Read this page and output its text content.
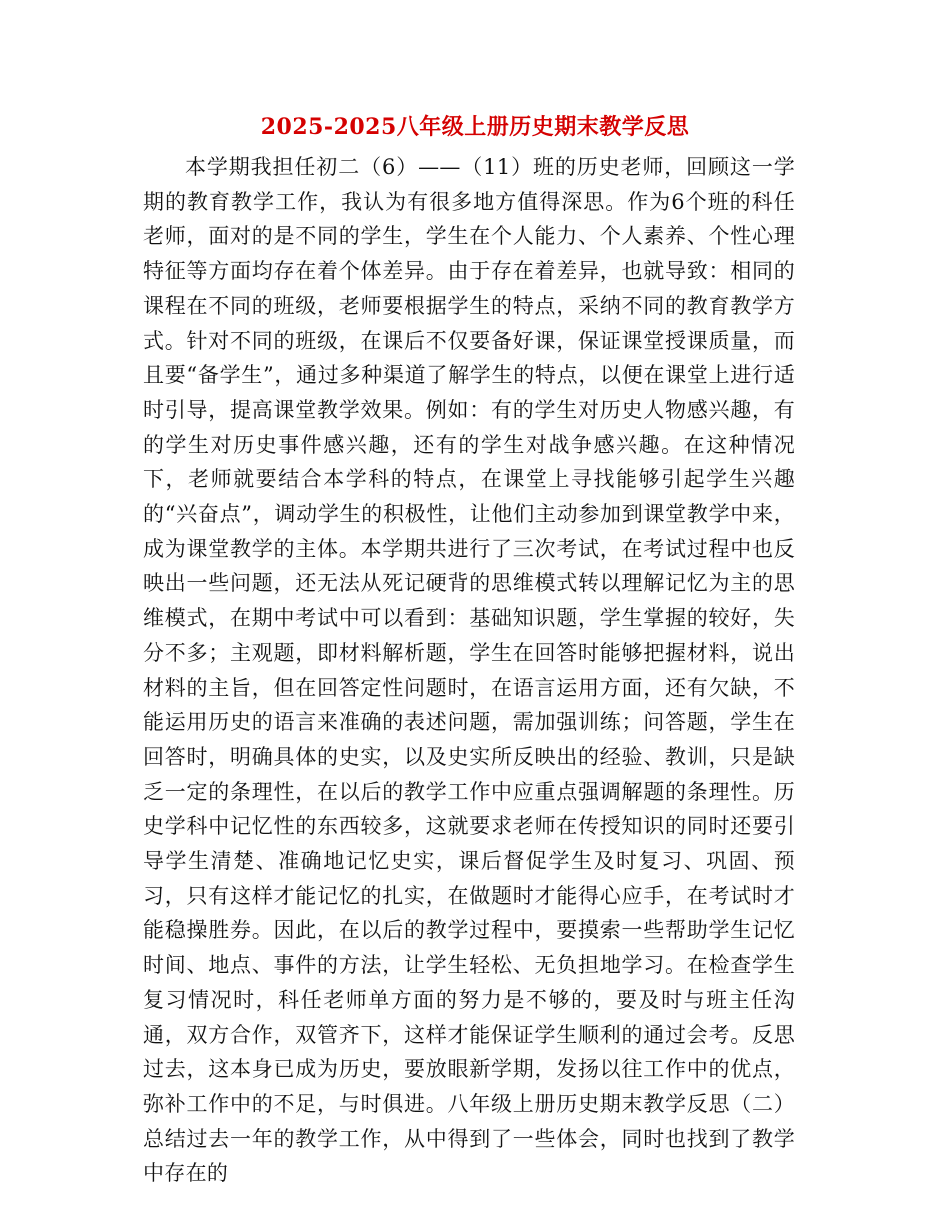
2025-2025八年级上册历史期末教学反思

本学期我担任初二（6）——（11）班的历史老师，回顾这一学期的教育教学工作，我认为有很多地方值得深思。作为6个班的科任老师，面对的是不同的学生，学生在个人能力、个人素养、个性心理特征等方面均存在着个体差异。由于存在着差异，也就导致：相同的课程在不同的班级，老师要根据学生的特点，采纳不同的教育教学方式。针对不同的班级，在课后不仅要备好课，保证课堂授课质量，而且要“备学生”，通过多种渠道了解学生的特点，以便在课堂上进行适时引导，提高课堂教学效果。例如：有的学生对历史人物感兴趣，有的学生对历史事件感兴趣，还有的学生对战争感兴趣。在这种情况下，老师就要结合本学科的特点，在课堂上寻找能够引起学生兴趣的“兴奋点”，调动学生的积极性，让他们主动参加到课堂教学中来，成为课堂教学的主体。本学期共进行了三次考试，在考试过程中也反映出一些问题，还无法从死记硬背的思维模式转以理解记忆为主的思维模式，在期中考试中可以看到：基础知识题，学生掌握的较好，失分不多；主观题，即材料解析题，学生在回答时能够把握材料，说出材料的主旨，但在回答定性问题时，在语言运用方面，还有欠缺，不能运用历史的语言来准确的表述问题，需加强训练；问答题，学生在回答时，明确具体的史实，以及史实所反映出的经验、教训，只是缺乏一定的条理性，在以后的教学工作中应重点强调解题的条理性。历史学科中记忆性的东西较多，这就要求老师在传授知识的同时还要引导学生清楚、准确地记忆史实，课后督促学生及时复习、巩固、预习，只有这样才能记忆的扎实，在做题时才能得心应手，在考试时才能稳操胜券。因此，在以后的教学过程中，要摸索一些帮助学生记忆时间、地点、事件的方法，让学生轻松、无负担地学习。在检查学生复习情况时，科任老师单方面的努力是不够的，要及时与班主任沟通，双方合作，双管齐下，这样才能保证学生顺利的通过会考。反思过去，这本身已成为历史，要放眼新学期，发扬以往工作中的优点，弥补工作中的不足，与时俱进。八年级上册历史期末教学反思（二）总结过去一年的教学工作，从中得到了一些体会，同时也找到了教学中存在的
